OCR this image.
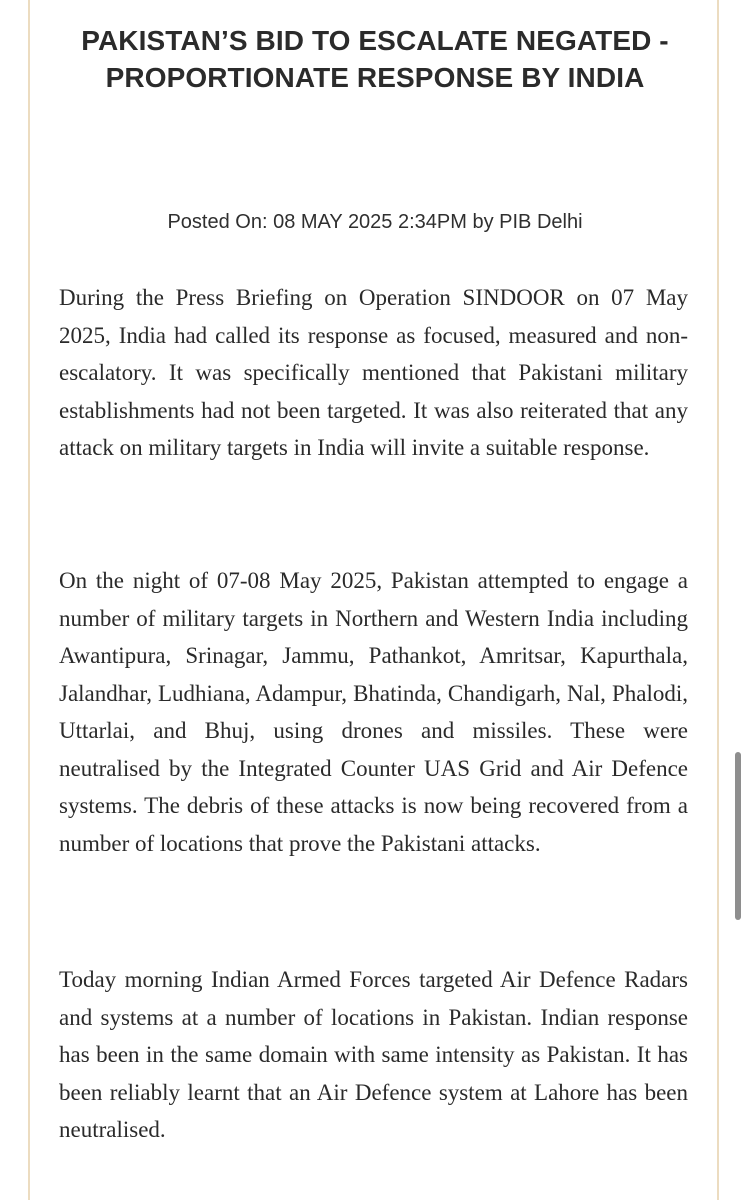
PAKISTAN’S BID TO ESCALATE NEGATED - PROPORTIONATE RESPONSE BY INDIA
Posted On: 08 MAY 2025 2:34PM by PIB Delhi

During the Press Briefing on Operation SINDOOR on 07 May 2025, India had called its response as focused, measured and non-escalatory. It was specifically mentioned that Pakistani military establishments had not been targeted. It was also reiterated that any attack on military targets in India will invite a suitable response.

On the night of 07-08 May 2025, Pakistan attempted to engage a number of military targets in Northern and Western India including Awantipura, Srinagar, Jammu, Pathankot, Amritsar, Kapurthala, Jalandhar, Ludhiana, Adampur, Bhatinda, Chandigarh, Nal, Phalodi, Uttarlai, and Bhuj, using drones and missiles. These were neutralised by the Integrated Counter UAS Grid and Air Defence systems. The debris of these attacks is now being recovered from a number of locations that prove the Pakistani attacks.

Today morning Indian Armed Forces targeted Air Defence Radars and systems at a number of locations in Pakistan. Indian response has been in the same domain with same intensity as Pakistan. It has been reliably learnt that an Air Defence system at Lahore has been neutralised.
